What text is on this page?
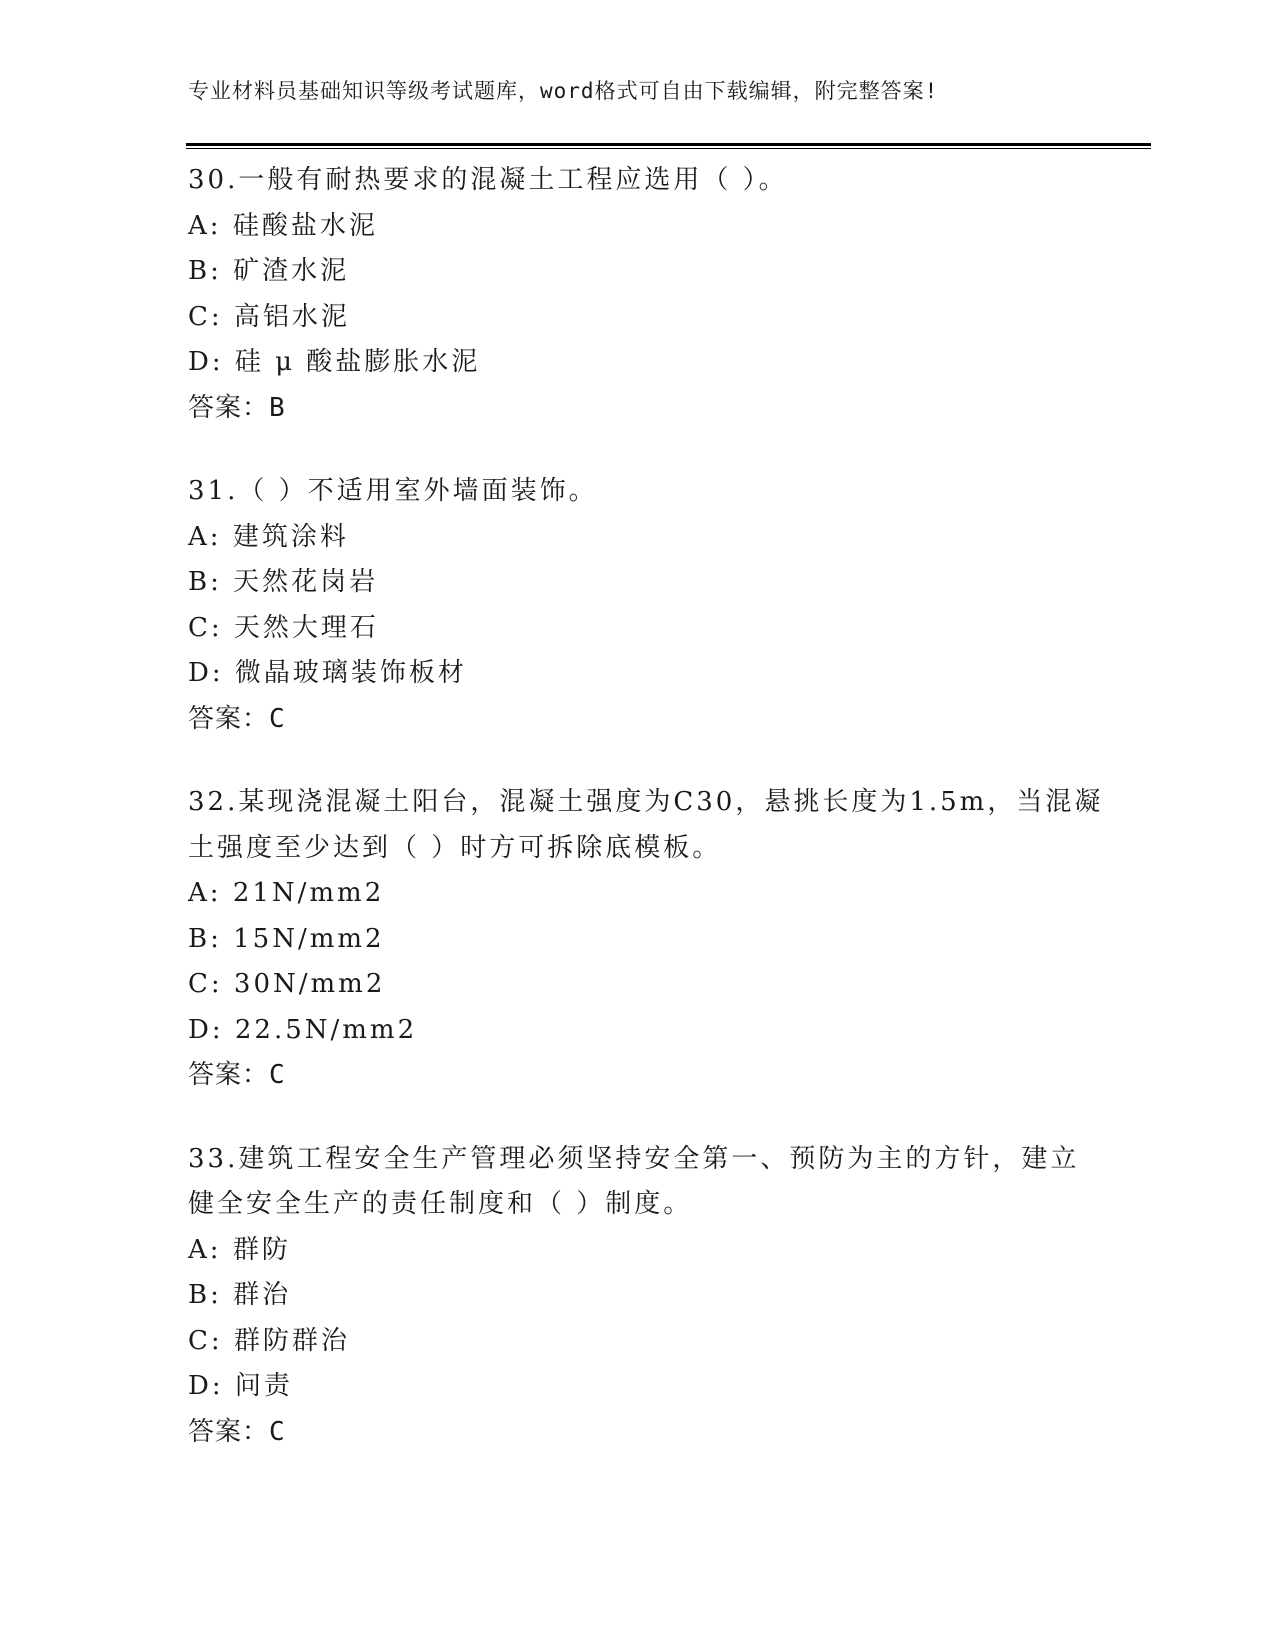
专业材料员基础知识等级考试题库，word格式可自由下载编辑，附完整答案!
30.一般有耐热要求的混凝土工程应选用（ ）。
A: 硅酸盐水泥
B: 矿渣水泥
C: 高铝水泥
D: 硅 μ 酸盐膨胀水泥
答案：B
31.（ ）不适用室外墙面装饰。
A: 建筑涂料
B: 天然花岗岩
C: 天然大理石
D: 微晶玻璃装饰板材
答案：C
32.某现浇混凝土阳台，混凝土强度为C30，悬挑长度为1.5m，当混凝
土强度至少达到（ ）时方可拆除底模板。
A: 21N/mm2
B: 15N/mm2
C: 30N/mm2
D: 22.5N/mm2
答案：C
33.建筑工程安全生产管理必须坚持安全第一、预防为主的方针，建立
健全安全生产的责任制度和（ ）制度。
A: 群防
B: 群治
C: 群防群治
D: 问责
答案：C
